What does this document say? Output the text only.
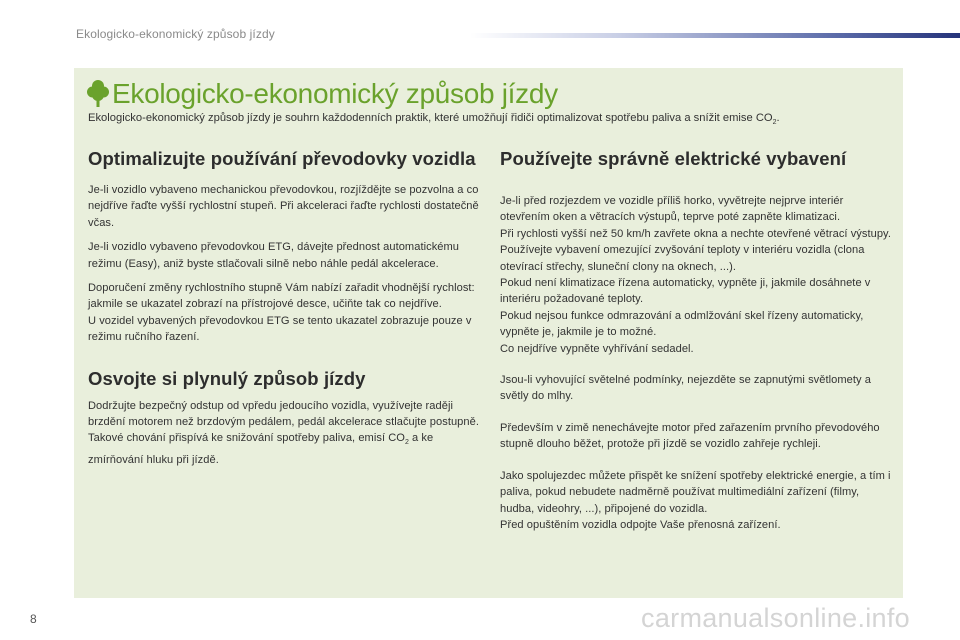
Ekologicko-ekonomický způsob jízdy
Ekologicko-ekonomický způsob jízdy
Ekologicko-ekonomický způsob jízdy je souhrn každodenních praktik, které umožňují řidiči optimalizovat spotřebu paliva a snížit emise $CO_2$.
Optimalizujte používání převodovky vozidla

Je-li vozidlo vybaveno mechanickou převodovkou, rozjíždějte se pozvolna a co nejdříve řaďte vyšší rychlostní stupeň. Při akceleraci řaďte rychlosti dostatečně včas.

Je-li vozidlo vybaveno převodovkou ETG, dávejte přednost automatickému režimu (Easy), aniž byste stlačovali silně nebo náhle pedál akcelerace.

Doporučení změny rychlostního stupně Vám nabízí zařadit vhodnější rychlost: jakmile se ukazatel zobrazí na přístrojové desce, učiňte tak co nejdříve.
U vozidel vybavených převodovkou ETG se tento ukazatel zobrazuje pouze v režimu ručního řazení.

Osvojte si plynulý způsob jízdy

Dodržujte bezpečný odstup od vpředu jedoucího vozidla, využívejte raději brzdění motorem než brzdovým pedálem, pedál akcelerace stlačujte postupně. Takové chování přispívá ke snižování spotřeby paliva, emisí $CO_2$ a ke zmírňování hluku při jízdě.

Používejte správně elektrické vybavení

Je-li před rozjezdem ve vozidle příliš horko, vyvětrejte nejprve interiér otevřením oken a větracích výstupů, teprve poté zapněte klimatizaci.
Při rychlosti vyšší než 50 km/h zavřete okna a nechte otevřené větrací výstupy.
Používejte vybavení omezující zvyšování teploty v interiéru vozidla (clona otevírací střechy, sluneční clony na oknech, ...).
Pokud není klimatizace řízena automaticky, vypněte ji, jakmile dosáhnete v interiéru požadované teploty.
Pokud nejsou funkce odmrazování a odmlžování skel řízeny automaticky, vypněte je, jakmile je to možné.
Co nejdříve vypněte vyhřívání sedadel.

Jsou-li vyhovující světelné podmínky, nejezděte se zapnutými světlomety a světly do mlhy.

Především v zimě nenechávejte motor před zařazením prvního převodového stupně dlouho běžet, protože při jízdě se vozidlo zahřeje rychleji.

Jako spolujezdec můžete přispět ke snížení spotřeby elektrické energie, a tím i paliva, pokud nebudete nadměrně používat multimediální zařízení (filmy, hudba, videohry, ...), připojené do vozidla.
Před opuštěním vozidla odpojte Vaše přenosná zařízení.

8	carmanualsonline.info
